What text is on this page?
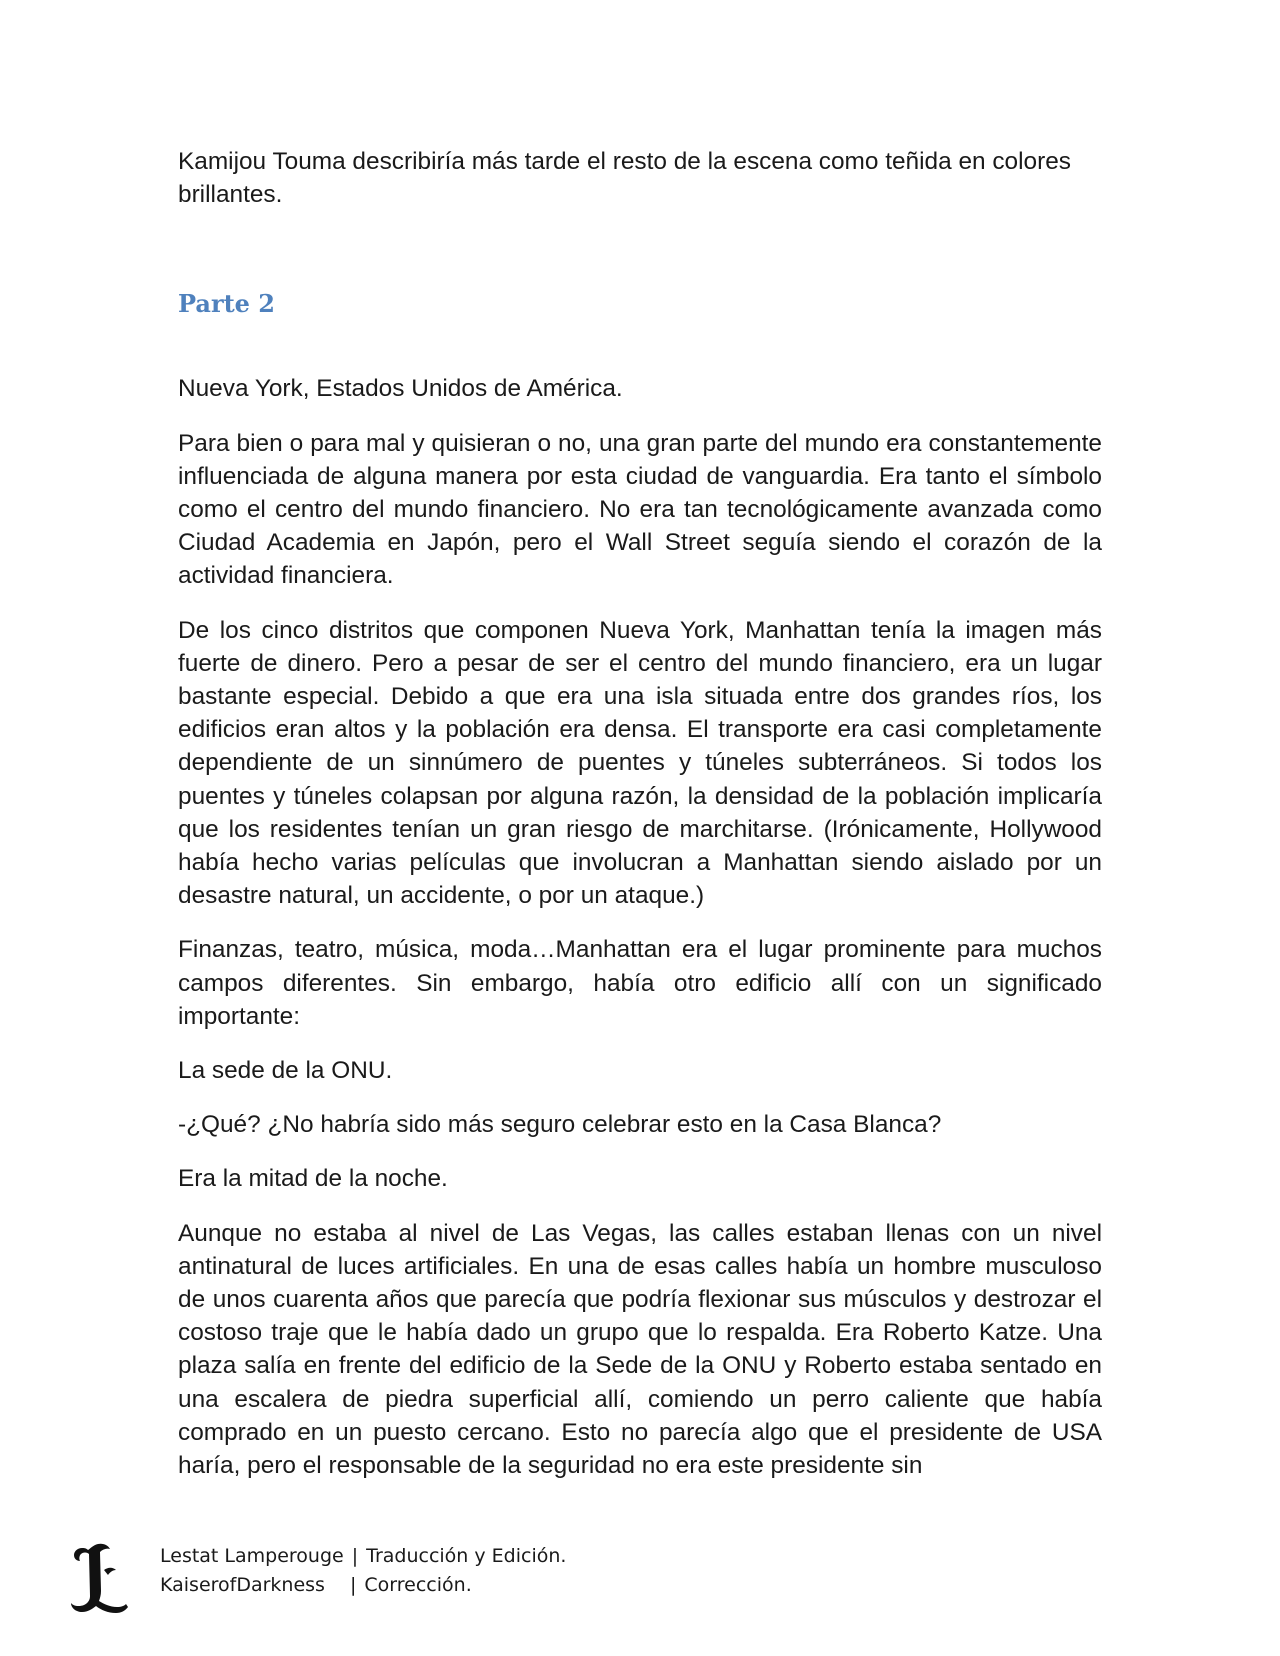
Kamijou Touma describiría más tarde el resto de la escena como teñida en colores brillantes.

Parte 2

Nueva York, Estados Unidos de América.

Para bien o para mal y quisieran o no, una gran parte del mundo era constantemente influenciada de alguna manera por esta ciudad de vanguardia. Era tanto el símbolo como el centro del mundo financiero. No era tan tecnológicamente avanzada como Ciudad Academia en Japón, pero el Wall Street seguía siendo el corazón de la actividad financiera.

De los cinco distritos que componen Nueva York, Manhattan tenía la imagen más fuerte de dinero. Pero a pesar de ser el centro del mundo financiero, era un lugar bastante especial. Debido a que era una isla situada entre dos grandes ríos, los edificios eran altos y la población era densa. El transporte era casi completamente dependiente de un sinnúmero de puentes y túneles subterráneos. Si todos los puentes y túneles colapsan por alguna razón, la densidad de la población implicaría que los residentes tenían un gran riesgo de marchitarse. (Irónicamente, Hollywood había hecho varias películas que involucran a Manhattan siendo aislado por un desastre natural, un accidente, o por un ataque.)

Finanzas, teatro, música, moda…Manhattan era el lugar prominente para muchos campos diferentes. Sin embargo, había otro edificio allí con un significado importante:

La sede de la ONU.

-¿Qué? ¿No habría sido más seguro celebrar esto en la Casa Blanca?

Era la mitad de la noche.

Aunque no estaba al nivel de Las Vegas, las calles estaban llenas con un nivel antinatural de luces artificiales. En una de esas calles había un hombre musculoso de unos cuarenta años que parecía que podría flexionar sus músculos y destrozar el costoso traje que le había dado un grupo que lo respalda. Era Roberto Katze. Una plaza salía en frente del edificio de la Sede de la ONU y Roberto estaba sentado en una escalera de piedra superficial allí, comiendo un perro caliente que había comprado en un puesto cercano. Esto no parecía algo que el presidente de USA haría, pero el responsable de la seguridad no era este presidente sin

Lestat Lamperouge | Traducción y Edición.
KaiserofDarkness	| Corrección.
